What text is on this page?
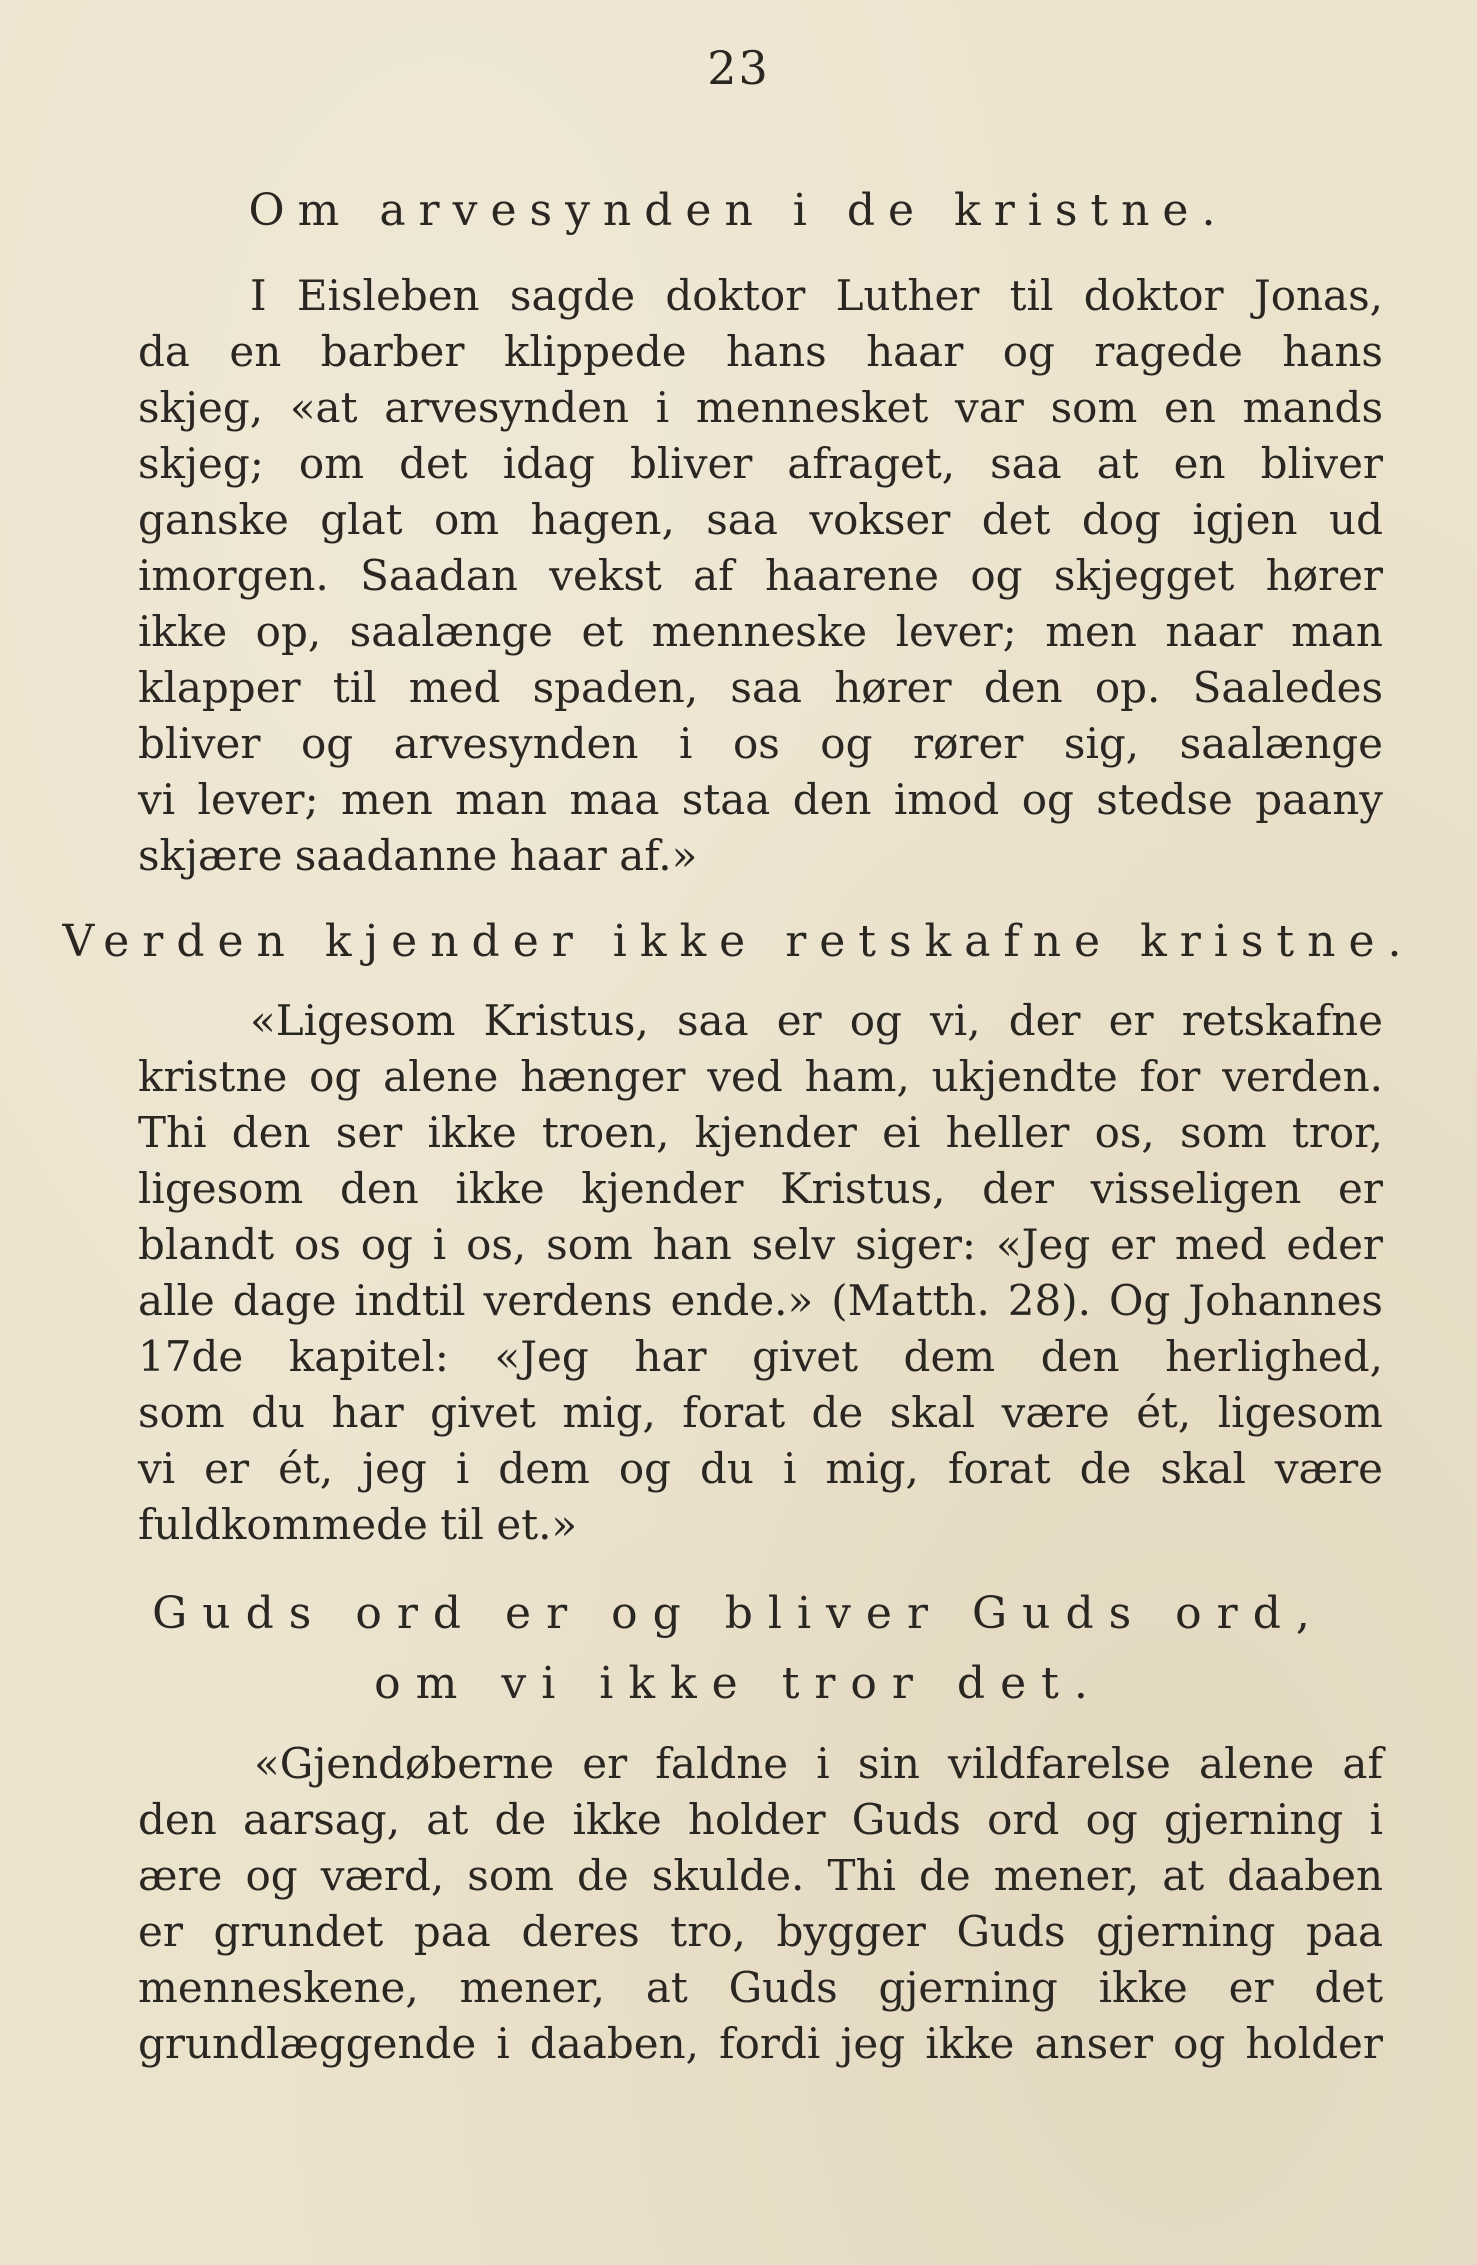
23
Om arvesynden i de kristne.
I Eisleben sagde doktor Luther til doktor Jonas,
da en barber klippede hans haar og ragede hans
skjeg, «at arvesynden i mennesket var som en mands
skjeg; om det idag bliver afraget, saa at en bliver
ganske glat om hagen, saa vokser det dog igjen ud
imorgen. Saadan vekst af haarene og skjegget hører
ikke op, saalænge et menneske lever; men naar man
klapper til med spaden, saa hører den op. Saaledes
bliver og arvesynden i os og rører sig, saalænge
vi lever; men man maa staa den imod og stedse paany
skjære saadanne haar af.»
Verden kjender ikke retskafne kristne.
«Ligesom Kristus, saa er og vi, der er retskafne
kristne og alene hænger ved ham, ukjendte for verden.
Thi den ser ikke troen, kjender ei heller os, som tror,
ligesom den ikke kjender Kristus, der visseligen er
blandt os og i os, som han selv siger: «Jeg er med eder
alle dage indtil verdens ende.» (Matth. 28). Og Johannes
17de kapitel: «Jeg har givet dem den herlighed,
som du har givet mig, forat de skal være ét, ligesom
vi er ét, jeg i dem og du i mig, forat de skal være
fuldkommede til et.»
Guds ord er og bliver Guds ord,
om vi ikke tror det.
«Gjendøberne er faldne i sin vildfarelse alene af
den aarsag, at de ikke holder Guds ord og gjerning i
ære og værd, som de skulde. Thi de mener, at daaben
er grundet paa deres tro, bygger Guds gjerning paa
menneskene, mener, at Guds gjerning ikke er det
grundlæggende i daaben, fordi jeg ikke anser og holder
